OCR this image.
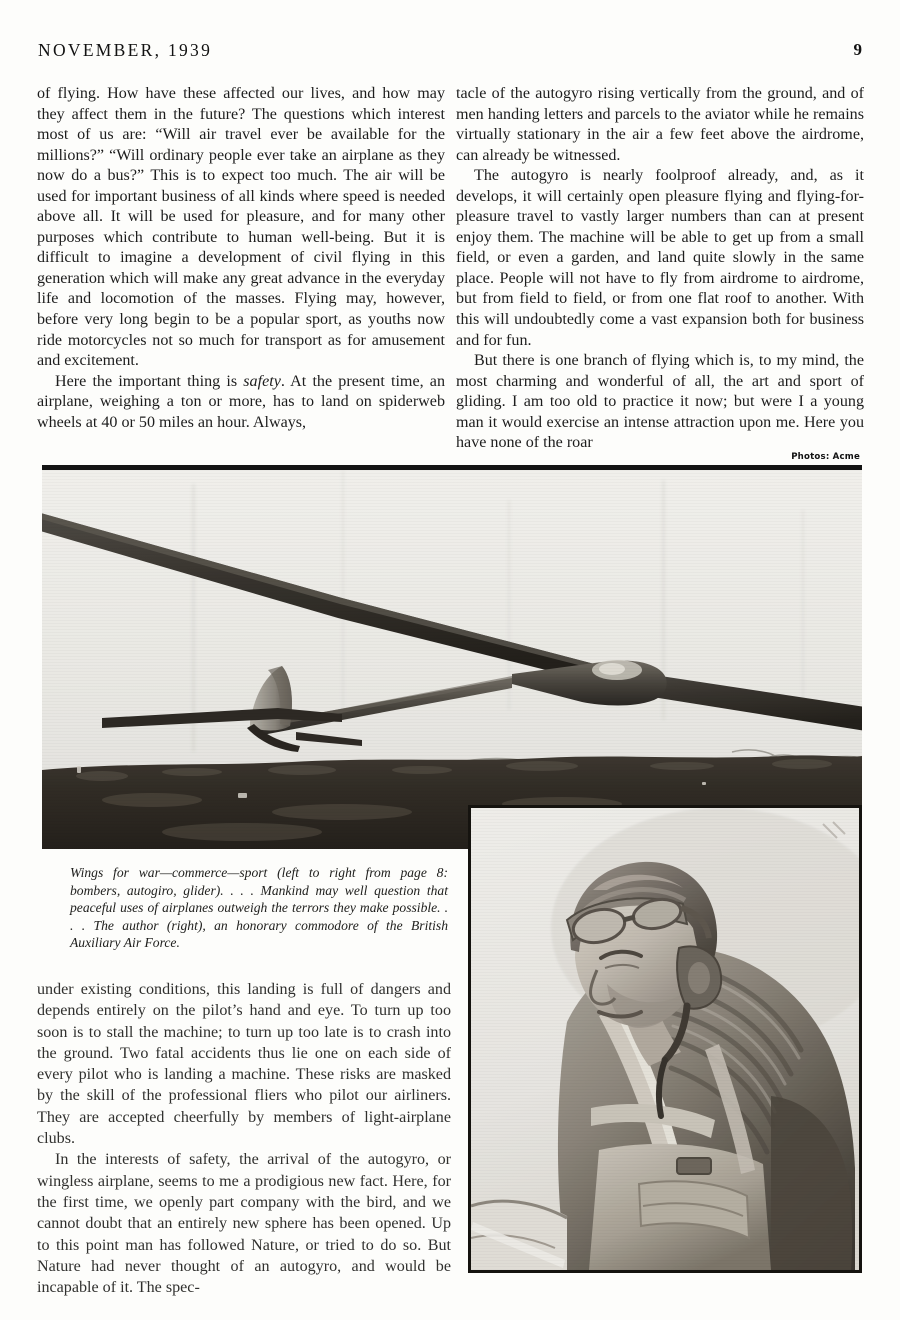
NOVEMBER, 1939	9

of flying. How have these affected our lives, and how may they affect them in the future? The questions which interest most of us are: “Will air travel ever be available for the millions?” “Will ordinary people ever take an airplane as they now do a bus?” This is to expect too much. The air will be used for important business of all kinds where speed is needed above all. It will be used for pleasure, and for many other purposes which contribute to human well-being. But it is difficult to imagine a development of civil flying in this generation which will make any great advance in the everyday life and locomotion of the masses. Flying may, however, before very long begin to be a popular sport, as youths now ride motorcycles not so much for transport as for amusement and excitement.

Here the important thing is safety. At the present time, an airplane, weighing a ton or more, has to land on spiderweb wheels at 40 or 50 miles an hour. Always,

tacle of the autogyro rising vertically from the ground, and of men handing letters and parcels to the aviator while he remains virtually stationary in the air a few feet above the airdrome, can already be witnessed.

The autogyro is nearly foolproof already, and, as it develops, it will certainly open pleasure flying and flying-for-pleasure travel to vastly larger numbers than can at present enjoy them. The machine will be able to get up from a small field, or even a garden, and land quite slowly in the same place. People will not have to fly from airdrome to airdrome, but from field to field, or from one flat roof to another. With this will undoubtedly come a vast expansion both for business and for fun.

But there is one branch of flying which is, to my mind, the most charming and wonderful of all, the art and sport of gliding. I am too old to practice it now; but were I a young man it would exercise an intense attraction upon me. Here you have none of the roar

Photos: Acme

Wings for war—commerce—sport (left to right from page 8: bombers, autogiro, glider). . . . Mankind may well question that peaceful uses of airplanes outweigh the terrors they make possible. . . . The author (right), an honorary commodore of the British Auxiliary Air Force.

under existing conditions, this landing is full of dangers and depends entirely on the pilot’s hand and eye. To turn up too soon is to stall the machine; to turn up too late is to crash into the ground. Two fatal accidents thus lie one on each side of every pilot who is landing a machine. These risks are masked by the skill of the professional fliers who pilot our airliners. They are accepted cheerfully by members of light-airplane clubs.

In the interests of safety, the arrival of the autogyro, or wingless airplane, seems to me a prodigious new fact. Here, for the first time, we openly part company with the bird, and we cannot doubt that an entirely new sphere has been opened. Up to this point man has followed Nature, or tried to do so. But Nature had never thought of an autogyro, and would be incapable of it. The spec-
